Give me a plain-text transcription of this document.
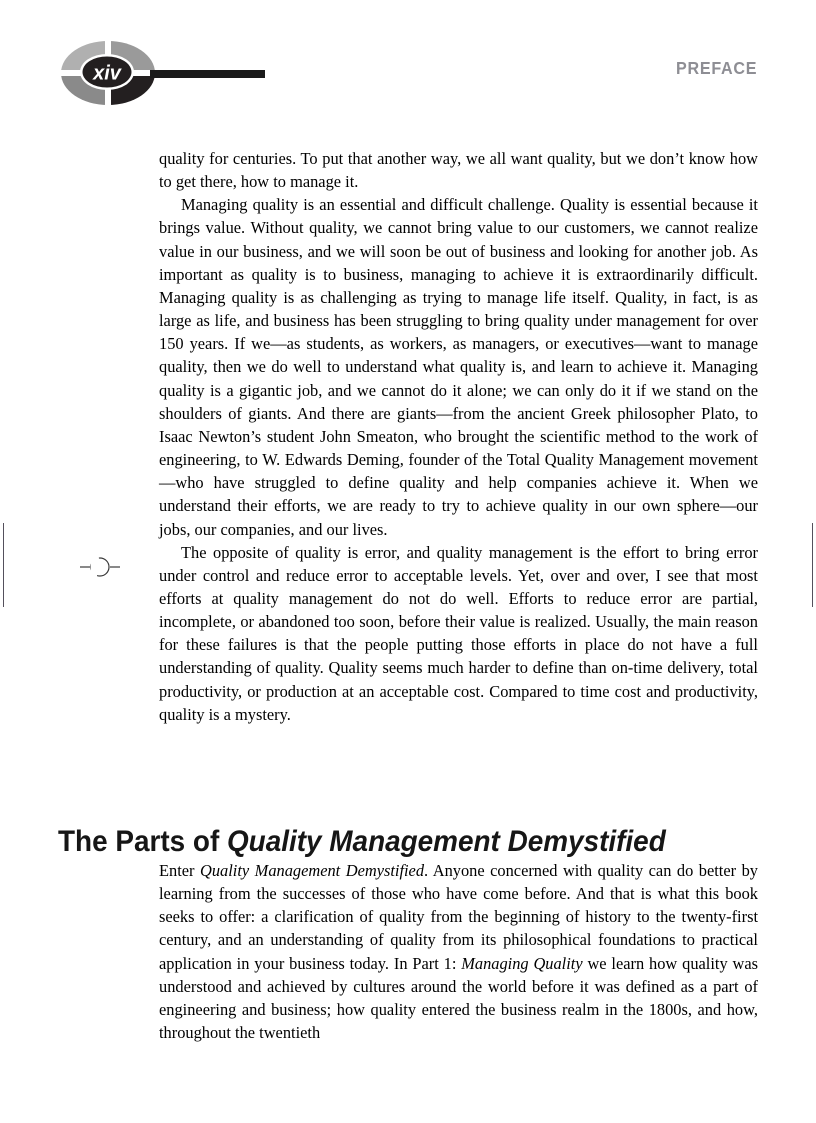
xiv	PREFACE

quality for centuries. To put that another way, we all want quality, but we don’t know how to get there, how to manage it.

Managing quality is an essential and difficult challenge. Quality is essential because it brings value. Without quality, we cannot bring value to our customers, we cannot realize value in our business, and we will soon be out of business and looking for another job. As important as quality is to business, managing to achieve it is extraordinarily difficult. Managing quality is as challenging as trying to manage life itself. Quality, in fact, is as large as life, and business has been struggling to bring quality under management for over 150 years. If we—as students, as workers, as managers, or executives—want to manage quality, then we do well to understand what quality is, and learn to achieve it. Managing quality is a gigantic job, and we cannot do it alone; we can only do it if we stand on the shoulders of giants. And there are giants—from the ancient Greek philosopher Plato, to Isaac Newton’s student John Smeaton, who brought the scientific method to the work of engineering, to W. Edwards Deming, founder of the Total Quality Management movement—who have struggled to define quality and help companies achieve it. When we understand their efforts, we are ready to try to achieve quality in our own sphere—our jobs, our companies, and our lives.

The opposite of quality is error, and quality management is the effort to bring error under control and reduce error to acceptable levels. Yet, over and over, I see that most efforts at quality management do not do well. Efforts to reduce error are partial, incomplete, or abandoned too soon, before their value is realized. Usually, the main reason for these failures is that the people putting those efforts in place do not have a full understanding of quality. Quality seems much harder to define than on-time delivery, total productivity, or production at an acceptable cost. Compared to time cost and productivity, quality is a mystery.

The Parts of Quality Management Demystified

Enter Quality Management Demystified. Anyone concerned with quality can do better by learning from the successes of those who have come before. And that is what this book seeks to offer: a clarification of quality from the beginning of history to the twenty-first century, and an understanding of quality from its philosophical foundations to practical application in your business today. In Part 1: Managing Quality we learn how quality was understood and achieved by cultures around the world before it was defined as a part of engineering and business; how quality entered the business realm in the 1800s, and how, throughout the twentieth
